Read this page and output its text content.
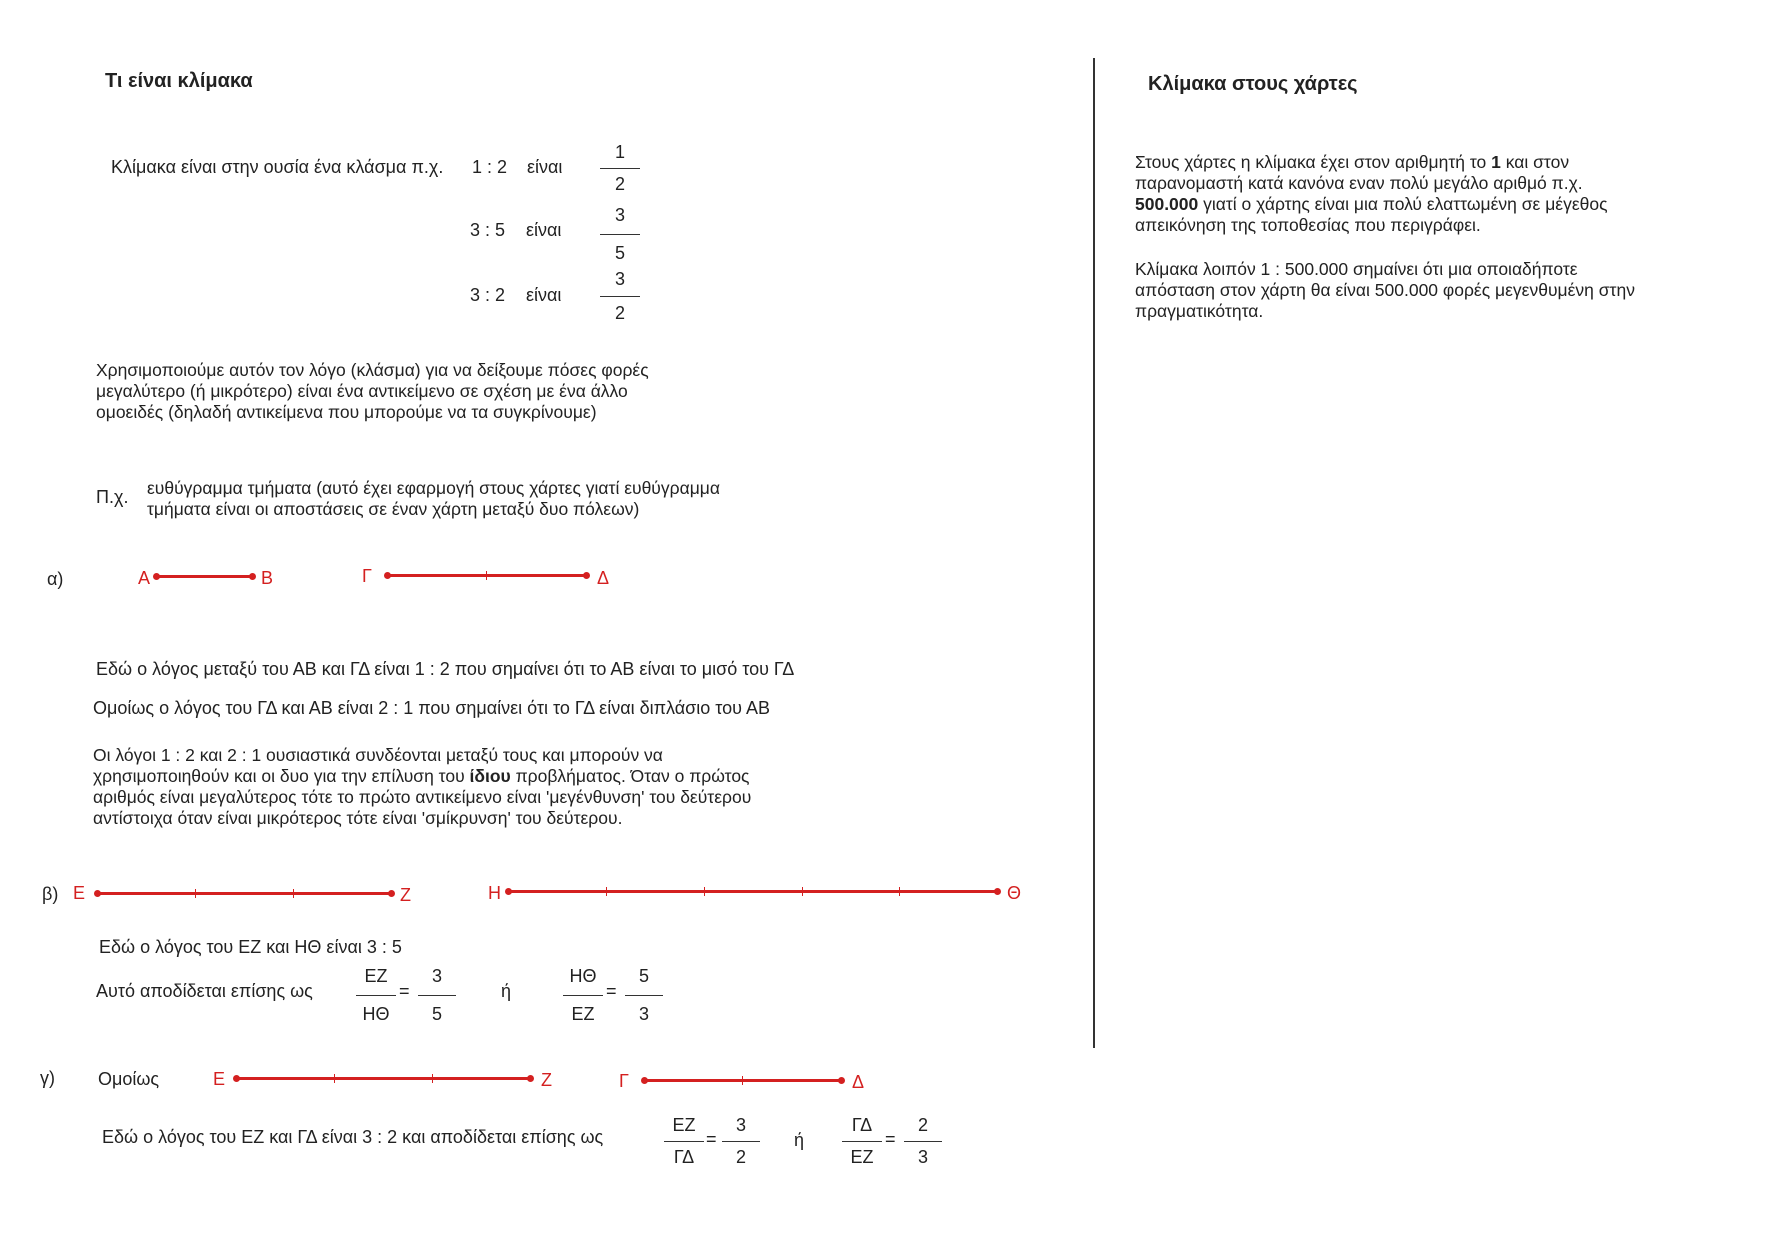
Τι είναι κλίμακα
Κλίμακα είναι στην ουσία ένα κλάσμα π.χ. 1 : 2 είναι
1
2
3 : 5 είναι
3
5
3 : 2 είναι
3
2
Χρησιμοποιούμε αυτόν τον λόγο (κλάσμα) για να δείξουμε πόσες φορές μεγαλύτερο (ή μικρότερο) είναι ένα αντικείμενο σε σχέση με ένα άλλο ομοειδές (δηλαδή αντικείμενα που μπορούμε να τα συγκρίνουμε)
Π.χ. ευθύγραμμα τμήματα (αυτό έχει εφαρμογή στους χάρτες γιατί ευθύγραμμα τμήματα είναι οι αποστάσεις σε έναν χάρτη μεταξύ δυο πόλεων)
α)	Α	Β	Γ	Δ
Εδώ ο λόγος μεταξύ του ΑΒ και ΓΔ είναι 1 : 2 που σημαίνει ότι το ΑΒ είναι το μισό του ΓΔ
Ομοίως ο λόγος του ΓΔ και ΑΒ είναι 2 : 1 που σημαίνει ότι το ΓΔ είναι διπλάσιο του ΑΒ
Οι λόγοι 1 : 2 και 2 : 1 ουσιαστικά συνδέονται μεταξύ τους και μπορούν να χρησιμοποιηθούν και οι δυο για την επίλυση του ίδιου προβλήματος. Όταν ο πρώτος αριθμός είναι μεγαλύτερος τότε το πρώτο αντικείμενο είναι 'μεγένθυνση' του δεύτερου αντίστοιχα όταν είναι μικρότερος τότε είναι 'σμίκρυνση' του δεύτερου.
β) Ε	Ζ	Η	Θ
Εδώ ο λόγος του ΕΖ και ΗΘ είναι 3 : 5
Αυτό αποδίδεται επίσης ως
ΕΖ
ΗΘ
=
3
5
ή
ΗΘ
ΕΖ
=
5
3
γ) Ομοίως	Ε	Ζ	Γ	Δ
Εδώ ο λόγος του ΕΖ και ΓΔ είναι 3 : 2 και αποδίδεται επίσης ως
ΕΖ
ΓΔ
=
3
2
ή
ΓΔ
ΕΖ
=
2
3
Κλίμακα στους χάρτες
Στους χάρτες η κλίμακα έχει στον αριθμητή το 1 και στον παρανομαστή κατά κανόνα εναν πολύ μεγάλο αριθμό π.χ. 500.000 γιατί ο χάρτης είναι μια πολύ ελαττωμένη σε μέγεθος απεικόνηση της τοποθεσίας που περιγράφει.
Κλίμακα λοιπόν 1 : 500.000 σημαίνει ότι μια οποιαδήποτε απόσταση στον χάρτη θα είναι 500.000 φορές μεγενθυμένη στην πραγματικότητα.
